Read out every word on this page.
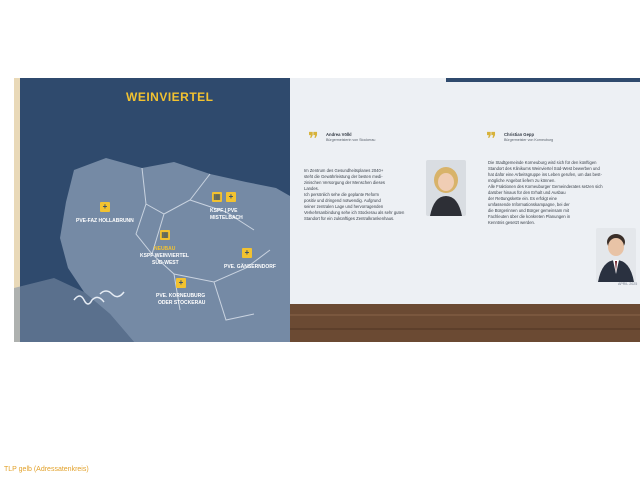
WEINVIERTEL
+
PVE-FAZ HOLLABRUNN
▦ +
KSPF | PVE
MISTELBACH
▦
NEUBAU
KSPF WEINVIERTEL
SÜD-WEST
+
PVE. GÄNSERNDORF
+
PVE. KORNEUBURG
ODER STOCKERAU
❞ Andrea Völkl
Bürgermeisterin von Stockerau
Im Zentrum des Gesundheitsplanes 2040+
steht die Gewährleistung der besten medi-
zinischen Versorgung der Menschen dieses
Landes.
Ich persönlich sehe die geplante Reform
positiv und dringend notwendig. Aufgrund
seiner zentralen Lage und hervorragenden
Verkehrsanbindung sehe ich Stockerau als sehr guten
Standort für ein zukünftiges Zentralkrankenhaus.
❞ Christian Gepp
Bürgermeister von Korneuburg
Die Stadtgemeinde Korneuburg wird sich für den künftigen
Standort des Klinikums Weinviertel Süd-West bewerben und
hat dafür eine Arbeitsgruppe ins Leben gerufen, um das best-
mögliche Angebot liefern zu können.
Alle Fraktionen des Korneuburger Gemeinderates setzen sich
darüber hinaus für den Erhalt und Ausbau
der Rettungskette ein. Es erfolgt eine
umfassende Informationskampagne, bei der
die Bürgerinnen und Bürger gemeinsam mit
Fachleuten über die konkreten Planungen in
Kenntnis gesetzt werden.
APRIL 2025
TLP gelb (Adressatenkreis)
